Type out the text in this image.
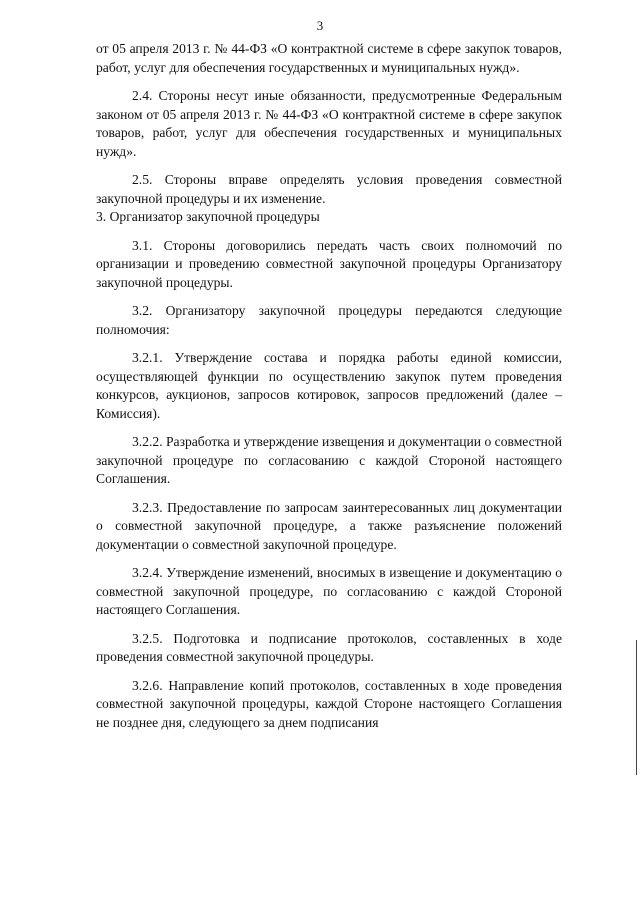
3

от 05 апреля 2013 г. № 44-ФЗ «О контрактной системе в сфере закупок товаров, работ, услуг для обеспечения государственных и муниципальных нужд».

2.4. Стороны несут иные обязанности, предусмотренные Федеральным законом от 05 апреля 2013 г. № 44-ФЗ «О контрактной системе в сфере закупок товаров, работ, услуг для обеспечения государственных и муниципальных нужд».

2.5. Стороны вправе определять условия проведения совместной закупочной процедуры и их изменение.

3. Организатор закупочной процедуры

3.1. Стороны договорились передать часть своих полномочий по организации и проведению совместной закупочной процедуры Организатору закупочной процедуры.

3.2. Организатору закупочной процедуры передаются следующие полномочия:

3.2.1. Утверждение состава и порядка работы единой комиссии, осуществляющей функции по осуществлению закупок путем проведения конкурсов, аукционов, запросов котировок, запросов предложений (далее – Комиссия).

3.2.2. Разработка и утверждение извещения и документации о совместной закупочной процедуре по согласованию с каждой Стороной настоящего Соглашения.

3.2.3. Предоставление по запросам заинтересованных лиц документации о совместной закупочной процедуре, а также разъяснение положений документации о совместной закупочной процедуре.

3.2.4. Утверждение изменений, вносимых в извещение и документацию о совместной закупочной процедуре, по согласованию с каждой Стороной настоящего Соглашения.

3.2.5. Подготовка и подписание протоколов, составленных в ходе проведения совместной закупочной процедуры.

3.2.6. Направление копий протоколов, составленных в ходе проведения совместной закупочной процедуры, каждой Стороне настоящего Соглашения не позднее дня, следующего за днем подписания
